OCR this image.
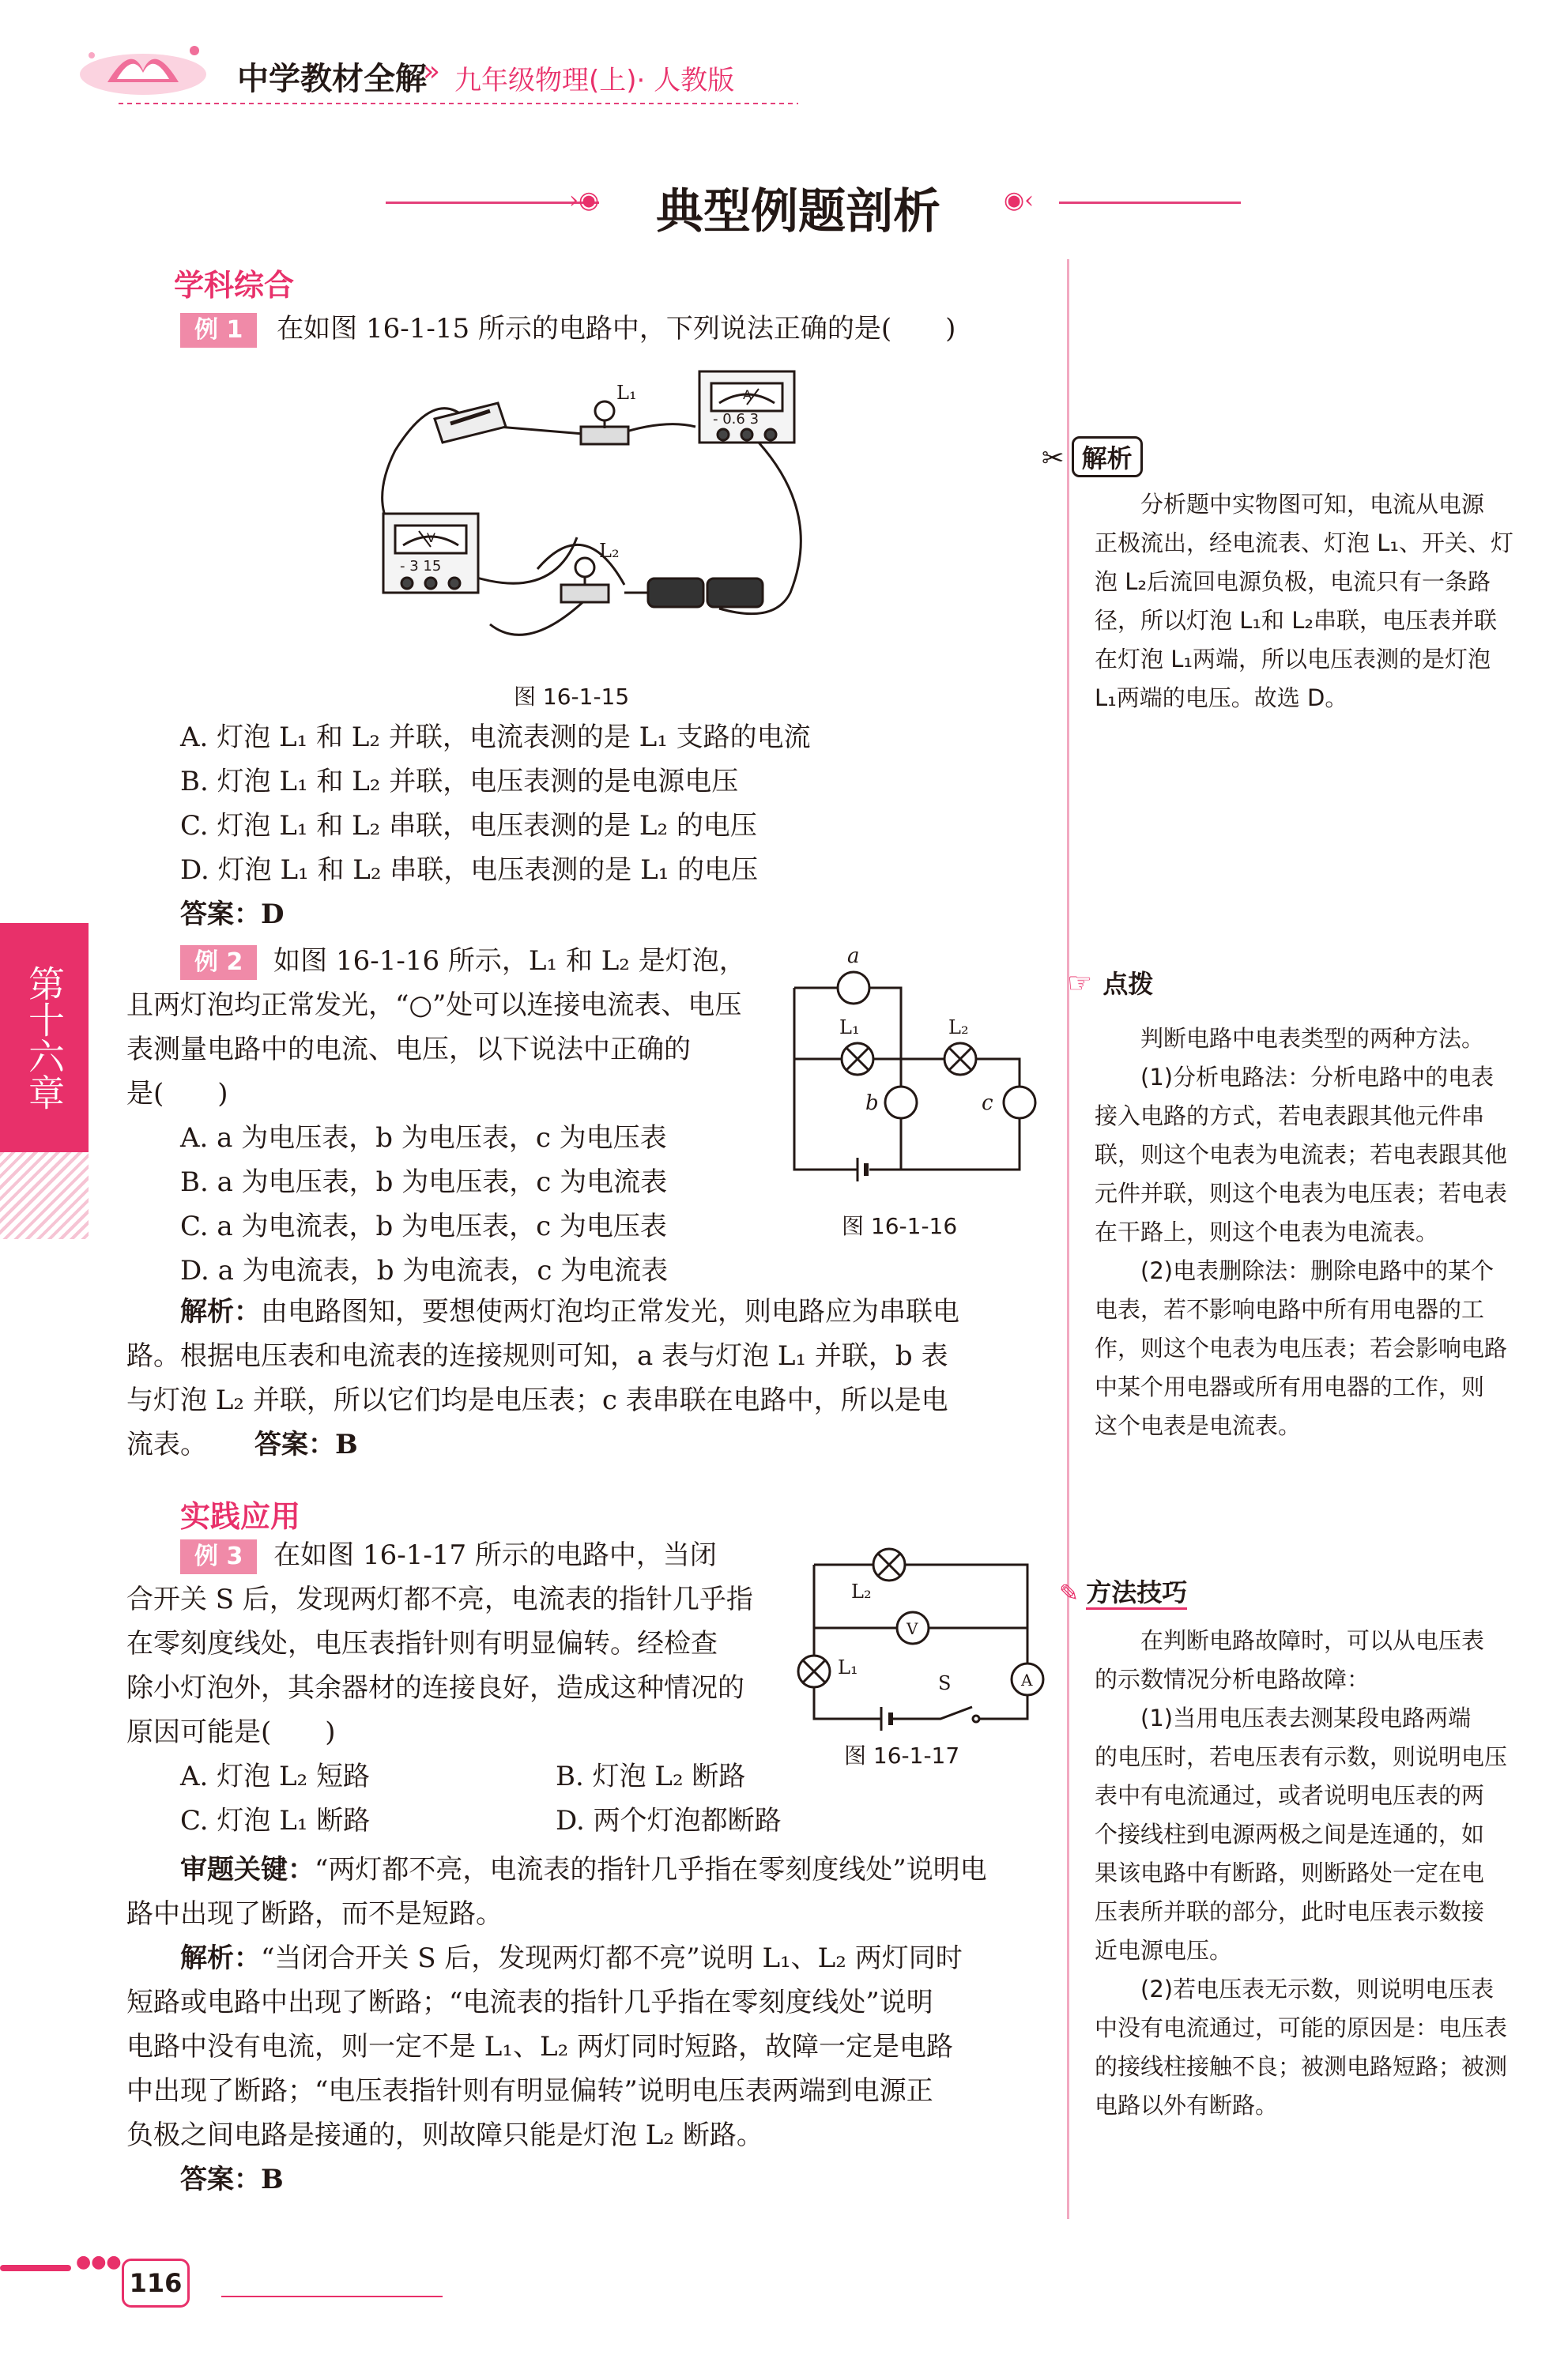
中学教材全解
» 九年级物理(上)· 人教版
›◉ 典型例题剖析	◉‹
学科综合
例 1 在如图 16-1-15 所示的电路中，下列说法正确的是(　　)
L₁
L₂
A
- 0.6 3
V
- 3 15
图 16-1-15

A. 灯泡 L₁ 和 L₂ 并联，电流表测的是 L₁ 支路的电流

B. 灯泡 L₁ 和 L₂ 并联，电压表测的是电源电压

C. 灯泡 L₁ 和 L₂ 串联，电压表测的是 L₂ 的电压

D. 灯泡 L₁ 和 L₂ 串联，电压表测的是 L₁ 的电压

答案：D

例 2 如图 16-1-16 所示，L₁ 和 L₂ 是灯泡，

且两灯泡均正常发光，“○”处可以连接电流表、电压

表测量电路中的电流、电压，以下说法中正确的

是(　　)

A. a 为电压表，b 为电压表，c 为电压表

B. a 为电压表，b 为电压表，c 为电流表

C. a 为电流表，b 为电压表，c 为电压表

D. a 为电流表，b 为电流表，c 为电流表

a
L₁	L₂
b	c
图 16-1-16

解析：由电路图知，要想使两灯泡均正常发光，则电路应为串联电

路。根据电压表和电流表的连接规则可知，a 表与灯泡 L₁ 并联，b 表

与灯泡 L₂ 并联，所以它们均是电压表；c 表串联在电路中，所以是电

流表。 答案：B

实践应用

例 3 在如图 16-1-17 所示的电路中，当闭

合开关 S 后，发现两灯都不亮，电流表的指针几乎指

在零刻度线处，电压表指针则有明显偏转。经检查

除小灯泡外，其余器材的连接良好，造成这种情况的

原因可能是(　　)

A. 灯泡 L₂ 短路	B. 灯泡 L₂ 断路

C. 灯泡 L₁ 断路	D. 两个灯泡都断路

L₂
V
L₁
S	A
图 16-1-17

审题关键：“两灯都不亮，电流表的指针几乎指在零刻度线处”说明电

路中出现了断路，而不是短路。

解析：“当闭合开关 S 后，发现两灯都不亮”说明 L₁、L₂ 两灯同时

短路或电路中出现了断路；“电流表的指针几乎指在零刻度线处”说明

电路中没有电流，则一定不是 L₁、L₂ 两灯同时短路，故障一定是电路

中出现了断路；“电压表指针则有明显偏转”说明电压表两端到电源正

负极之间电路是接通的，则故障只能是灯泡 L₂ 断路。

答案：B

✂ 解析

分析题中实物图可知，电流从电源

正极流出，经电流表、灯泡 L₁、开关、灯

泡 L₂后流回电源负极，电流只有一条路

径，所以灯泡 L₁和 L₂串联，电压表并联

在灯泡 L₁两端，所以电压表测的是灯泡

L₁两端的电压。故选 D。

☞ 点拨

判断电路中电表类型的两种方法。

(1)分析电路法：分析电路中的电表

接入电路的方式，若电表跟其他元件串

联，则这个电表为电流表；若电表跟其他

元件并联，则这个电表为电压表；若电表

在干路上，则这个电表为电流表。

(2)电表删除法：删除电路中的某个

电表，若不影响电路中所有用电器的工

作，则这个电表为电压表；若会影响电路

中某个用电器或所有用电器的工作，则

这个电表是电流表。

✎ 方法技巧

在判断电路故障时，可以从电压表

的示数情况分析电路故障：

(1)当用电压表去测某段电路两端

的电压时，若电压表有示数，则说明电压

表中有电流通过，或者说明电压表的两

个接线柱到电源两极之间是连通的，如

果该电路中有断路，则断路处一定在电

压表所并联的部分，此时电压表示数接

近电源电压。

(2)若电压表无示数，则说明电压表

中没有电流通过，可能的原因是：电压表

的接线柱接触不良；被测电路短路；被测

电路以外有断路。

第十六章
●●●
116
